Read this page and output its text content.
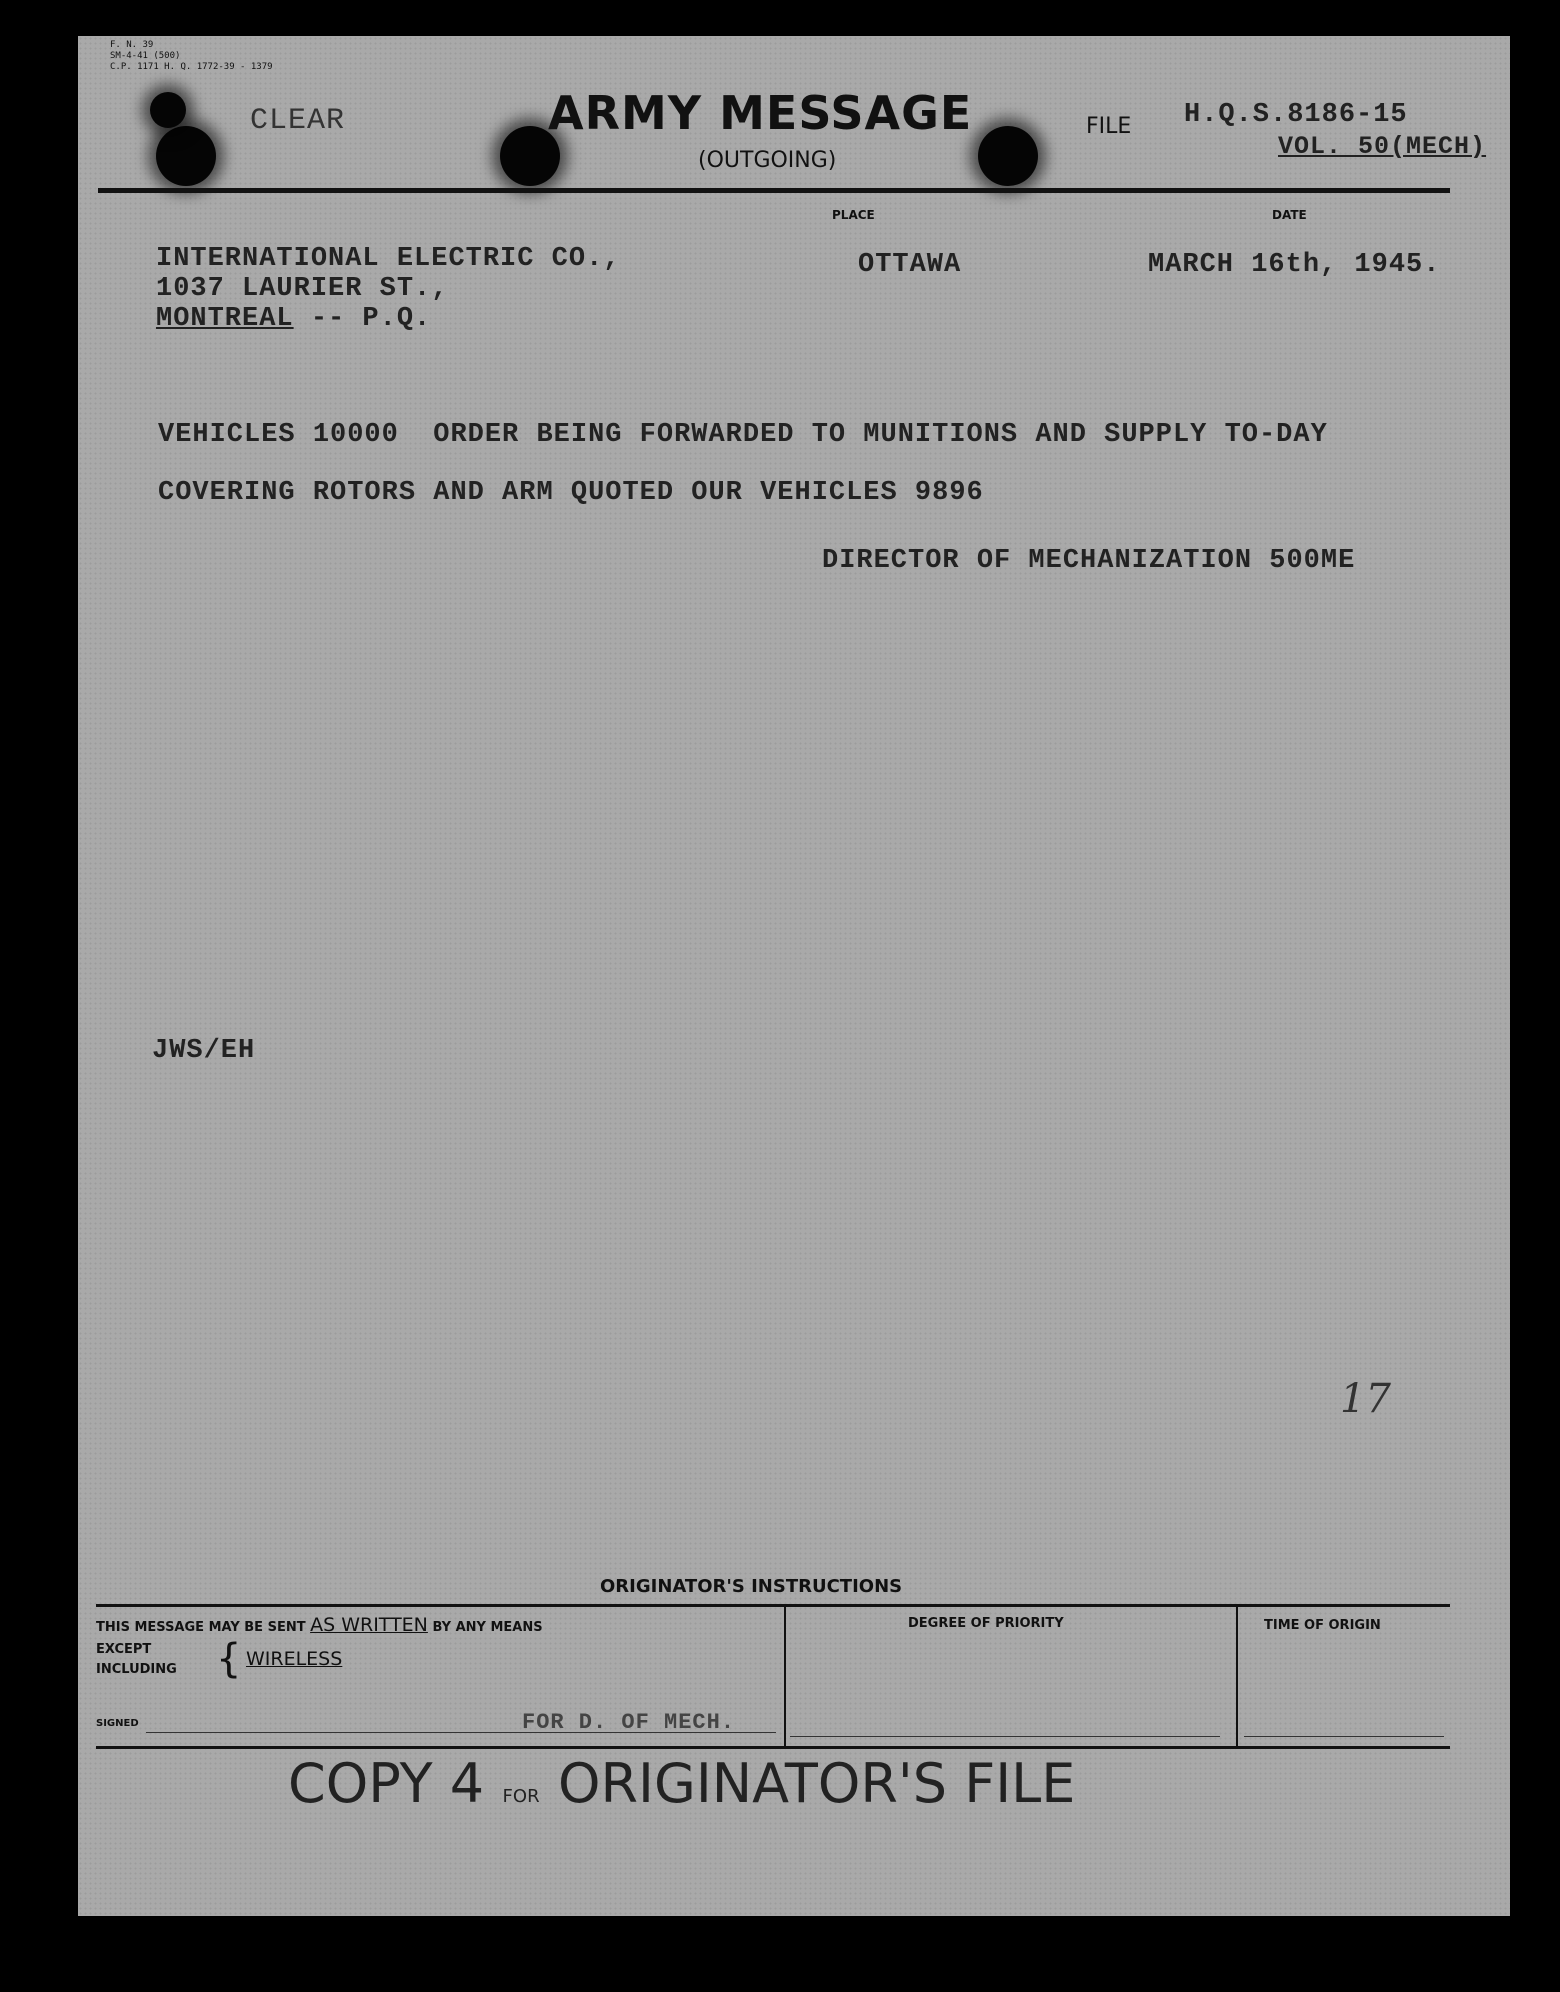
F. N. 39
SM-4-41 (500)
C.P. 1171 H. Q. 1772-39 - 1379
CLEAR	ARMY MESSAGE
(OUTGOING)
FILE H.Q.S.8186-15
VOL. 50(MECH)
PLACE	DATE
INTERNATIONAL ELECTRIC CO.,
1037 LAURIER ST.,
MONTREAL -- P.Q.
OTTAWA	MARCH 16th, 1945.
VEHICLES 10000  ORDER BEING FORWARDED TO MUNITIONS AND SUPPLY TO-DAY
COVERING ROTORS AND ARM QUOTED OUR VEHICLES 9896
DIRECTOR OF MECHANIZATION 500ME
JWS/EH
17
ORIGINATOR'S INSTRUCTIONS
THIS MESSAGE MAY BE SENT AS WRITTEN BY ANY MEANS
EXCEPT
INCLUDING { WIRELESS
SIGNED	FOR D. OF MECH.
DEGREE OF PRIORITY	TIME OF ORIGIN
COPY 4 FOR ORIGINATOR'S FILE
